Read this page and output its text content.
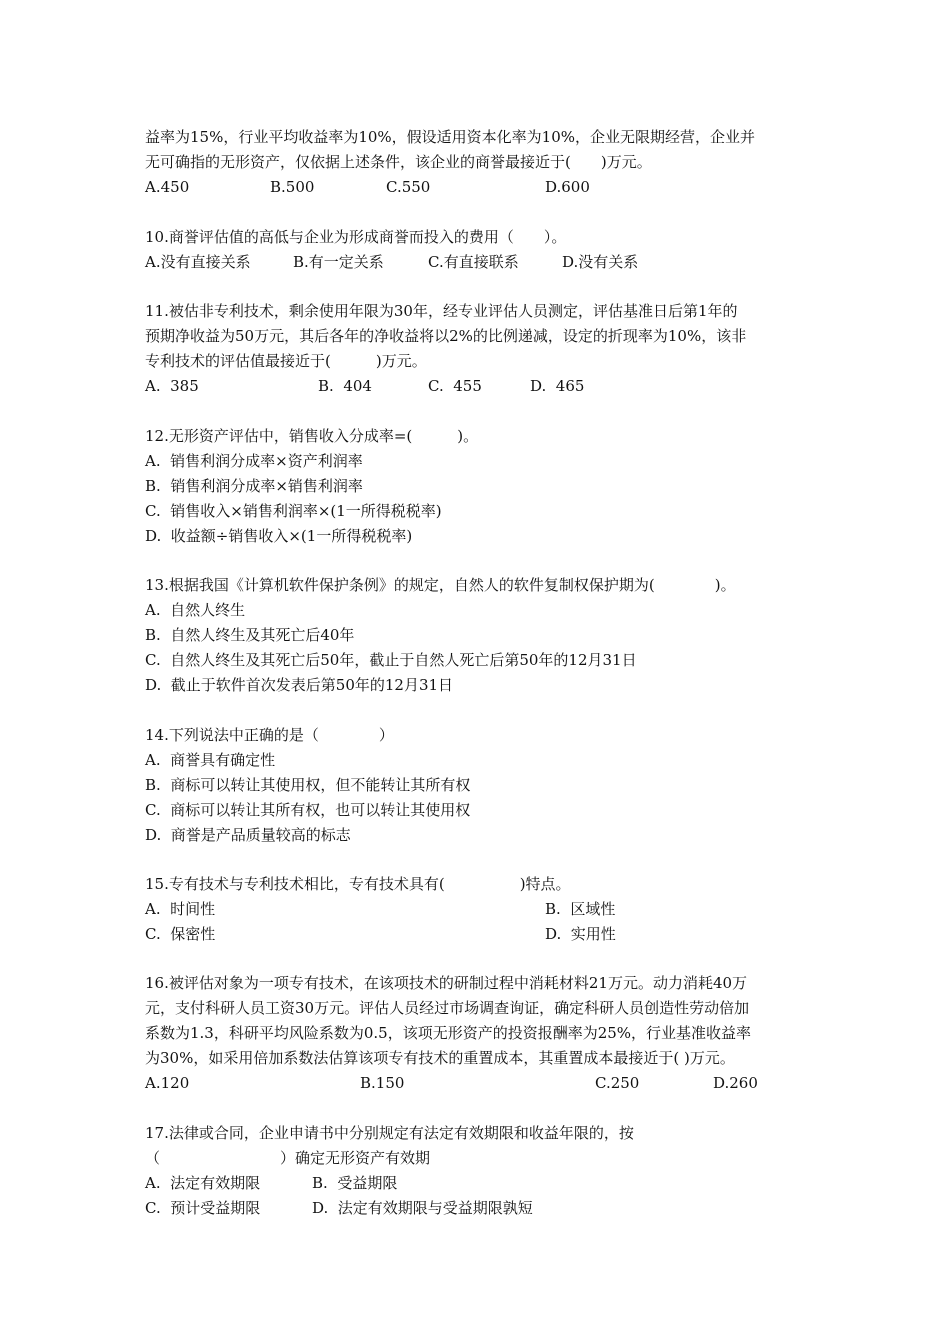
益率为15%，行业平均收益率为10%，假设适用资本化率为10%，企业无限期经营，企业并
无可确指的无形资产，仅依据上述条件，该企业的商誉最接近于(　　)万元。
A.450	B.500	C.550	D.600
10.商誉评估值的高低与企业为形成商誉而投入的费用（　　）。
A.没有直接关系	B.有一定关系	C.有直接联系	D.没有关系
11.被估非专利技术，剩余使用年限为30年，经专业评估人员测定，评估基准日后第1年的
预期净收益为50万元，其后各年的净收益将以2%的比例递减，设定的折现率为10%，该非
专利技术的评估值最接近于(　　　)万元。
A.  385	B.  404	C.  455	D.  465
12.无形资产评估中，销售收入分成率=(　　　)。
A.  销售利润分成率×资产利润率
B.  销售利润分成率×销售利润率
C.  销售收入×销售利润率×(1一所得税税率)
D.  收益额÷销售收入×(1一所得税税率)
13.根据我国《计算机软件保护条例》的规定，自然人的软件复制权保护期为(　　　　)。
A.  自然人终生
B.  自然人终生及其死亡后40年
C.  自然人终生及其死亡后50年，截止于自然人死亡后第50年的12月31日
D.  截止于软件首次发表后第50年的12月31日
14.下列说法中正确的是（　　　　）
A.  商誉具有确定性
B.  商标可以转让其使用权，但不能转让其所有权
C.  商标可以转让其所有权，也可以转让其使用权
D.  商誉是产品质量较高的标志
15.专有技术与专利技术相比，专有技术具有(　　　　　)特点。
A.  时间性	B.  区域性
C.  保密性	D.  实用性
16.被评估对象为一项专有技术，在该项技术的研制过程中消耗材料21万元。动力消耗40万
元，支付科研人员工资30万元。评估人员经过市场调查询证，确定科研人员创造性劳动倍加
系数为1.3，科研平均风险系数为0.5，该项无形资产的投资报酬率为25%，行业基准收益率
为30%，如采用倍加系数法估算该项专有技术的重置成本，其重置成本最接近于( )万元。
A.120	B.150	C.250	D.260
17.法律或合同，企业申请书中分别规定有法定有效期限和收益年限的，按
（　　　　　　　　）确定无形资产有效期
A.  法定有效期限	B.  受益期限
C.  预计受益期限	D.  法定有效期限与受益期限孰短
